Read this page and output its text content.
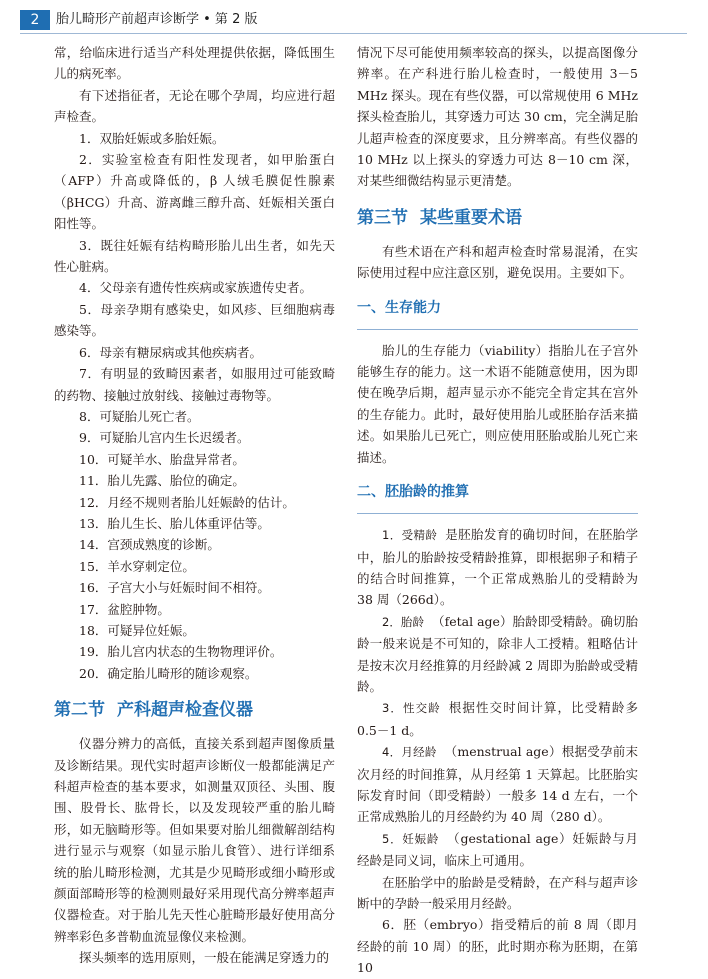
2	胎儿畸形产前超声诊断学 • 第 2 版

常，给临床进行适当产科处理提供依据，降低围生儿的病死率。

有下述指征者，无论在哪个孕周，均应进行超声检查。

1．双胎妊娠或多胎妊娠。

2．实验室检查有阳性发现者，如甲胎蛋白（AFP）升高或降低的，β 人绒毛膜促性腺素（βHCG）升高、游离雌三醇升高、妊娠相关蛋白阳性等。

3．既往妊娠有结构畸形胎儿出生者，如先天性心脏病。

4．父母亲有遗传性疾病或家族遗传史者。

5．母亲孕期有感染史，如风疹、巨细胞病毒感染等。

6．母亲有糖尿病或其他疾病者。

7．有明显的致畸因素者，如服用过可能致畸的药物、接触过放射线、接触过毒物等。

8．可疑胎儿死亡者。

9．可疑胎儿宫内生长迟缓者。

10．可疑羊水、胎盘异常者。

11．胎儿先露、胎位的确定。

12．月经不规则者胎儿妊娠龄的估计。

13．胎儿生长、胎儿体重评估等。

14．宫颈成熟度的诊断。

15．羊水穿刺定位。

16．子宫大小与妊娠时间不相符。

17．盆腔肿物。

18．可疑异位妊娠。

19．胎儿宫内状态的生物物理评价。

20．确定胎儿畸形的随诊观察。

第二节 产科超声检查仪器

仪器分辨力的高低，直接关系到超声图像质量及诊断结果。现代实时超声诊断仪一般都能满足产科超声检查的基本要求，如测量双顶径、头围、腹围、股骨长、肱骨长，以及发现较严重的胎儿畸形，如无脑畸形等。但如果要对胎儿细微解剖结构进行显示与观察（如显示胎儿食管）、进行详细系统的胎儿畸形检测，尤其是少见畸形或细小畸形或颜面部畸形等的检测则最好采用现代高分辨率超声仪器检查。对于胎儿先天性心脏畸形最好使用高分辨率彩色多普勒血流显像仪来检测。

探头频率的选用原则，一般在能满足穿透力的

情况下尽可能使用频率较高的探头，以提高图像分辨率。在产科进行胎儿检查时，一般使用 3－5 MHz 探头。现在有些仪器，可以常规使用 6 MHz 探头检查胎儿，其穿透力可达 30 cm，完全满足胎儿超声检查的深度要求，且分辨率高。有些仪器的 10 MHz 以上探头的穿透力可达 8－10 cm 深，对某些细微结构显示更清楚。

第三节 某些重要术语

有些术语在产科和超声检查时常易混淆，在实际使用过程中应注意区别，避免误用。主要如下。

一、生存能力

胎儿的生存能力（viability）指胎儿在子宫外能够生存的能力。这一术语不能随意使用，因为即使在晚孕后期，超声显示亦不能完全肯定其在宫外的生存能力。此时，最好使用胎儿或胚胎存活来描述。如果胎儿已死亡，则应使用胚胎或胎儿死亡来描述。

二、胚胎龄的推算

1．受精龄 是胚胎发育的确切时间，在胚胎学中，胎儿的胎龄按受精龄推算，即根据卵子和精子的结合时间推算，一个正常成熟胎儿的受精龄为 38 周（266d）。

2．胎龄 （fetal age）胎龄即受精龄。确切胎龄一般来说是不可知的，除非人工授精。粗略估计是按末次月经推算的月经龄减 2 周即为胎龄或受精龄。

3．性交龄 根据性交时间计算，比受精龄多 0.5－1 d。

4．月经龄 （menstrual age）根据受孕前末次月经的时间推算，从月经第 1 天算起。比胚胎实际发育时间（即受精龄）一般多 14 d 左右，一个正常成熟胎儿的月经龄约为 40 周（280 d）。

5．妊娠龄 （gestational age）妊娠龄与月经龄是同义词，临床上可通用。

在胚胎学中的胎龄是受精龄，在产科与超声诊断中的孕龄一般采用月经龄。

6．胚（embryo）指受精后的前 8 周（即月经龄的前 10 周）的胚，此时期亦称为胚期，在第 10
